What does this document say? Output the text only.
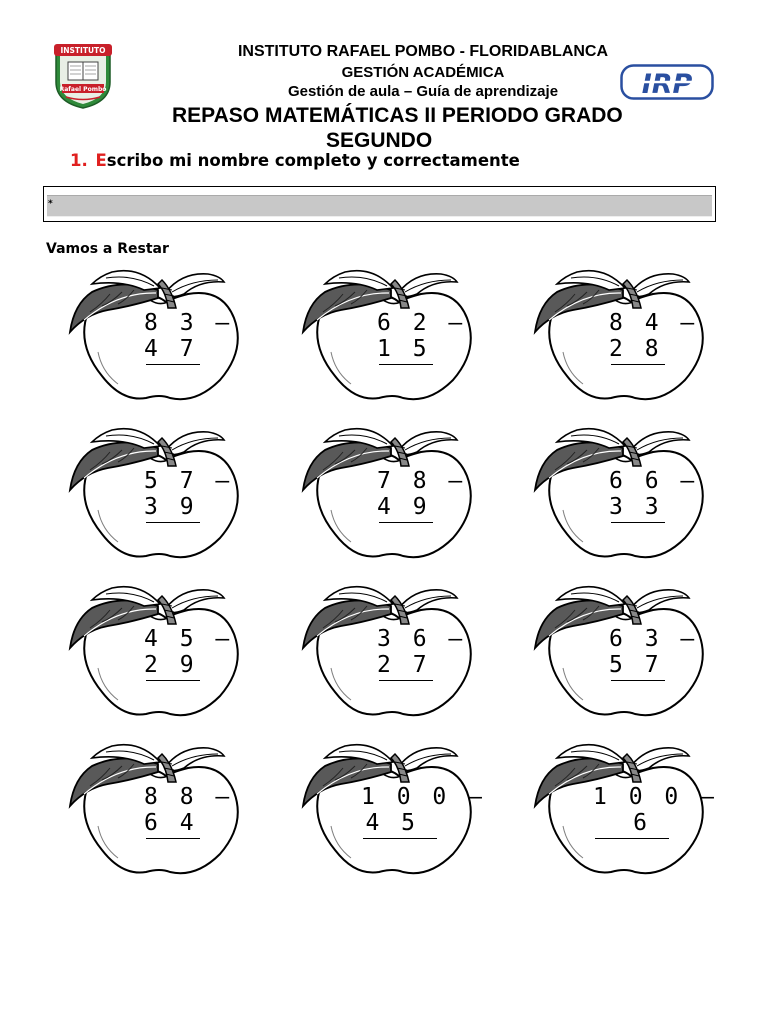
INSTITUTO
Rafael Pombo	IRP
INSTITUTO RAFAEL POMBO - FLORIDABLANCA
GESTIÓN ACADÉMICA
Gestión de aula – Guía de aprendizaje
REPASO MATEMÁTICAS II PERIODO GRADO
SEGUNDO
1. Escribo mi nombre completo y correctamente
*
Vamos a Restar
8 3 –
4 7
6 2 –
1 5
8 4 –
2 8
5 7 –
3 9
7 8 –
4 9
6 6 –
3 3
4 5 –
2 9
3 6 –
2 7
6 3 –
5 7
8 8 –
6 4
1 0 0 –
4 5
1 0 0 –
6
